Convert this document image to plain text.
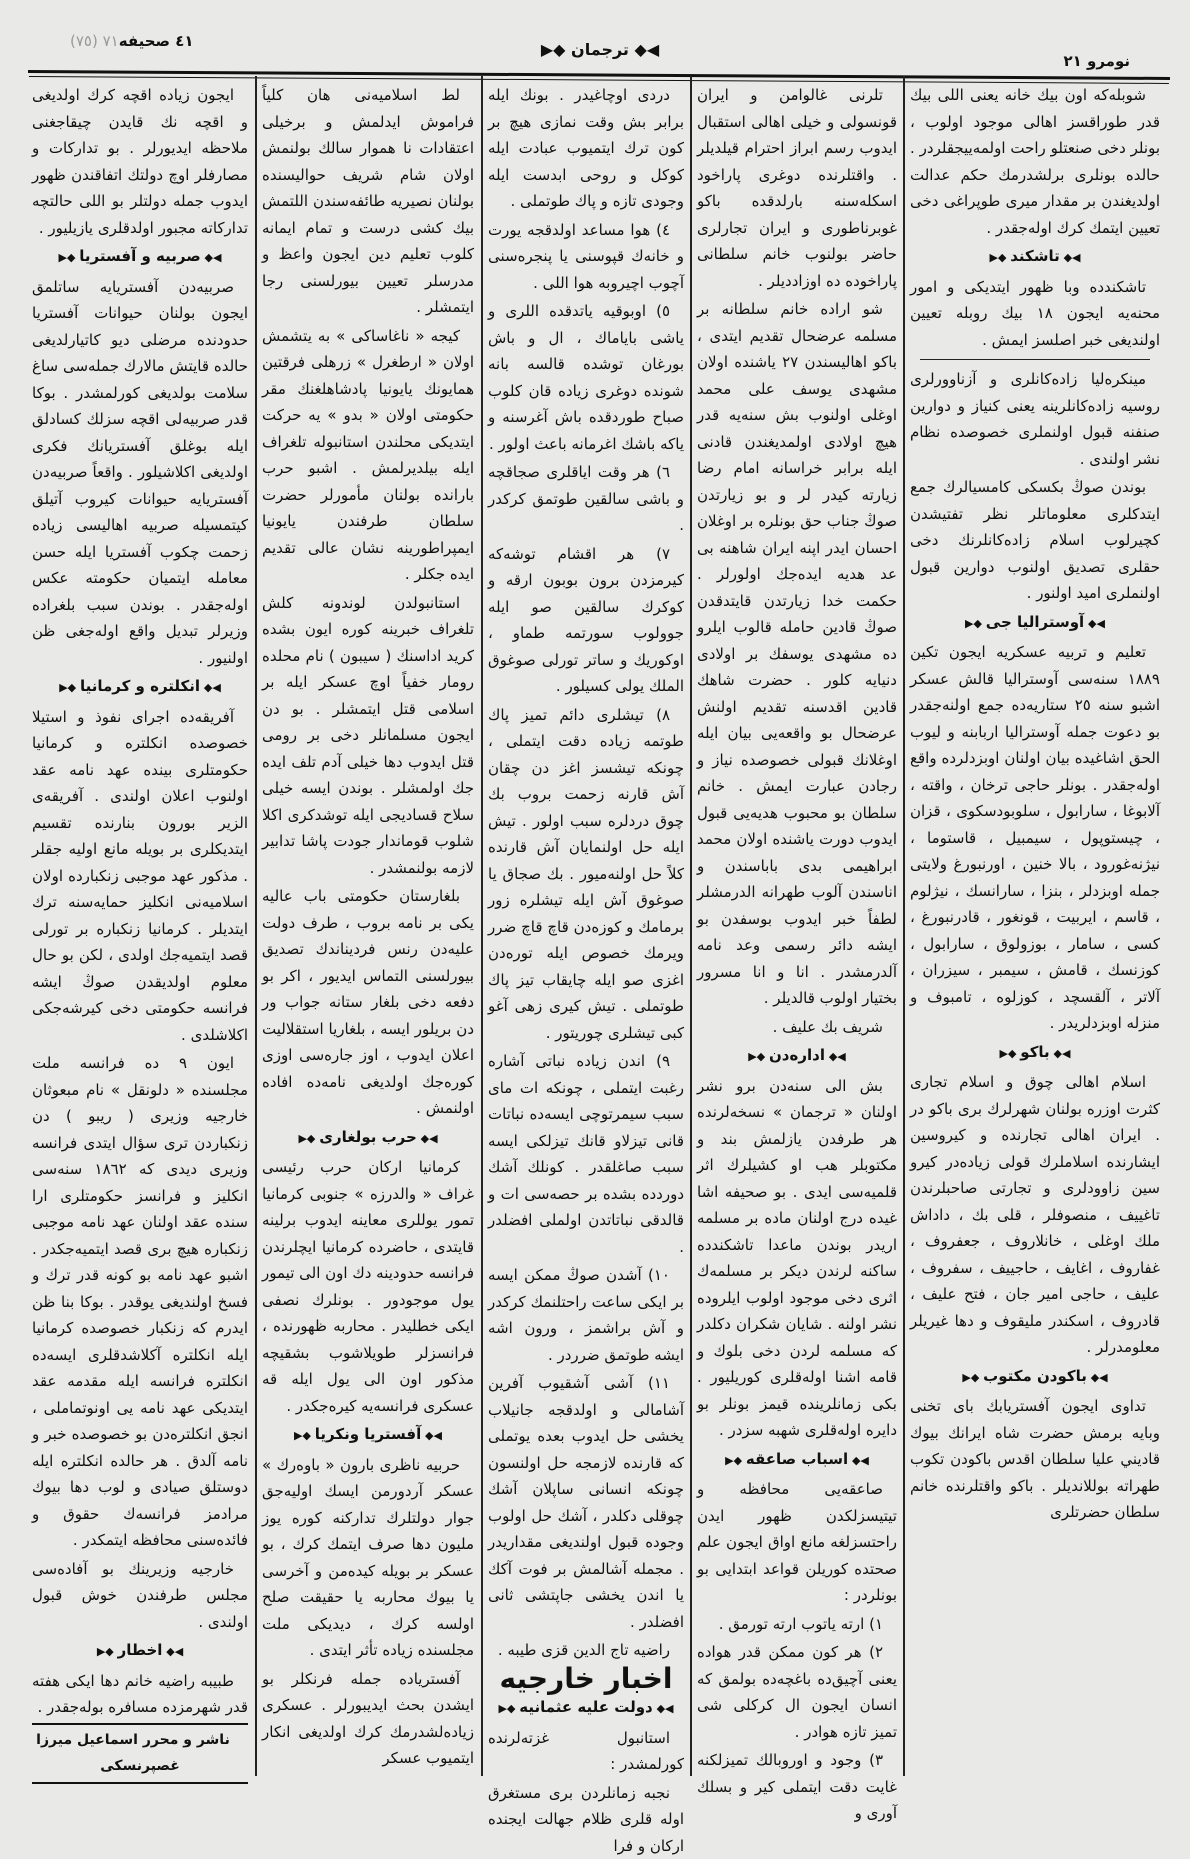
٤١ صحيفه٧١ (٧٥)	◀◆ ترجمان ◆▶
نومرو ٢١

شوبله‌كه اون بيك خانه يعنى اللى بيك قدر طوراقسز اهالى موجود اولوب ، بونلر دخى صنعتلو راحت اولمه‌ييجقلردر . حالده بونلرى برلشدرمك حكم عدالت اولديغندن بر مقدار ميرى طوپراغى دخى تعيين ايتمك كرك اولەجقدر .

◀◆ تاشكند ◆▶

تاشكندده وبا ظهور ايتديكى و امور محنه‌يه ايجون ١٨ بيك روبله تعيين اولنديغى خبر اصلسز ايمش .

مينكرەليا زادەكانلرى و آزناوورلرى روسيه زادەكانلرينه يعنى كنياز و دوارين صنفنه قبول اولنملرى خصوصده نظام نشر اولندى .

بوندن صوڭ بكسكى كامسيالرك جمع ايتدكلرى معلوماتلر نظر تفتيشدن كچيرلوب اسلام زادەكانلرنك دخى حقلرى تصديق اولنوب دوارين قبول اولنملرى اميد اولنور .

◀◆ آوستراليا جى ◆▶

تعليم و تربيه عسكريه ايجون تكين ١٨٨٩ سنه‌سى آوستراليا قالش عسكر اشبو سنه ٢٥ ستاريه‌ده جمع اولنه‌جقدر بو دعوت جمله آوستراليا اربابنه و ليوب الحق اشاغيده بيان اولنان اوبزدلرده واقع اولەجقدر . بونلر حاجى ترخان ، واقته ، آلابوغا ، سارابول ، سلوبودسكوى ، قزان ، چيستوپول ، سيمبيل ، قاستوما ، نيژنه‌غورود ، بالا خنين ، اورنبورغ ولايتى جمله اوبزدلر ، بنزا ، سارانسك ، نيژلوم ، قاسم ، ايربيت ، قونغور ، قادرنبورغ ، كسى ، سامار ، بوزولوق ، سارابول ، كوزنسك ، قامش ، سيمبر ، سيزران ، آلاتر ، آلقسچد ، كوزلوه ، تامبوف و منزله اوبزدلريدر .

◀◆ باكو ◆▶

اسلام اهالى چوق و اسلام تجارى كثرت اوزره بولنان شهرلرك برى باكو در . ايران اهالى تجارنده و كيروسين ايشارنده اسلاملرك قولى زياده‌در كيرو سين زاوودلرى و تجارتى صاحبلرندن تاغييف ، منصوفلر ، قلى بك ، داداش ملك اوغلى ، خانلاروف ، جعفروف ، غفاروف ، اغايف ، حاجييف ، سفروف ، عليف ، حاجى امير جان ، فتح عليف ، قادروف ، اسكندر مليقوف و دها غيريلر معلومدرلر .

◀◆ باكودن مكتوب ◆▶

تداوى ايجون آفستريابك باى تخنى وبايه برمش حضرت شاه ايرانك بيوك قاديني عليا سلطان اقدس باكودن تكوب طهراتە بوللانديلر . باكو واقتلرنده خانم سلطان حضرتلرى

تلرنى غالوامن و ايران قونسولى و خيلى اهالى استقبال ايدوب رسم ابراز احترام قيلديلر . واقتلرنده دوغرى پاراخود اسكله‌سنه بارلدقده باكو غوبرناطورى و ايران تجارلرى حاضر بولنوب خانم سلطانى پاراخوده ده اوزادديلر .

شو اراده خانم سلطانه بر مسلمه عرضحال تقديم ايتدى ، باكو اهاليسندن ٢٧ ياشنده اولان مشهدى يوسف على محمد اوغلى اولنوب بش سنه‌يه قدر هيچ اولادى اولمديغندن قادنى ايله برابر خراسانه امام رضا زيارته كيدر لر و بو زيارتدن صوڭ جناب حق بونلره بر اوغلان احسان ايدر اپنه ايران شاهنه بى عد هديه ايده‌جك اولورلر . حكمت خدا زيارتدن قايتدقدن صوڭ قادين حامله قالوب ايلرو ده مشهدى يوسفك بر اولادى دنيايه كلور . حضرت شاهك قادين اقدسنه تقديم اولنش عرضحال بو واقعه‌يى بيان ايله اوغلانك قبولى خصوصده نياز و رجادن عبارت ايمش . خانم سلطان بو محبوب هديه‌يى قبول ايدوب دورت ياشنده اولان محمد ابراهيمى بدى باباسندن و اناسندن آلوب طهرانه الدرمشلر لطفاً خبر ايدوب بوسفدن بو ايشه دائر رسمى وعد نامه آلدرمشدر . انا و انا مسرور بختيار اولوب قالديلر .

شريف بك عليف .

◀◆ ادارەدن ◆▶

بش الى سنه‌دن برو نشر اولنان « ترجمان » نسخه‌لرنده هر طرفدن يازلمش بند و مكتوبلر هب او كشيلرك اثر قلميه‌سى ايدى . بو صحيفه اشا غيده درج اولنان ماده بر مسلمه اريدر بوندن ماعدا تاشكندده ساكنه لرندن ديكر بر مسلمه‌ك اثرى دخى موجود اولوب ايلروده نشر اولنه . شايان شكران دكلدر كه مسلمه لردن دخى بلوك و قامه اشنا اولەقلرى كوريليور . بكى زمانلرينده قيمز بونلر بو دايره اولەقلرى شهبه سزدر .

◀◆ اسباب صاعقه ◆▶

صاعقەيى محافظه و تيتيسزلكدن ظهور ايدن راحتسزلغه مانع اواق ايجون علم صحتده كوريلن قواعد ابتدايى بو بونلردر :

١) ارته ياتوب ارته تورمق .

٢) هر كون ممكن قدر هواده يعنى آچيق‌ده باغچه‌ده بولمق كه انسان ايجون ال كركلى شى تميز تازه هوادر .

٣) وجود و اوروبالك تميزلكنه غايت دقت ايتملى كير و بسلك آورى و

دردى اوچاغيدر . بونك ايله برابر بش وقت نمازى هيچ بر كون ترك ايتميوب عبادت ايله كوكل و روحى ابدست ايله وجودى تازه و پاك طوتملى .

٤) هوا مساعد اولدقجه يورت و خانه‌ك قپوسنى يا پنجره‌سنى آچوب اچيروبه هوا اللى .

٥) اوبوقيه ياتدقده اللرى و ياشى باياماك ، ال و باش بورغان توشده قالسه بانه شونده دوغرى زياده قان كلوب صباح طوردقده باش آغرسنه و ياكه باشك اغرمانه باعث اولور .

٦) هر وقت اياقلرى صجاقچه و باشى سالقين طوتمق كركدر .

٧) هر اقشام توشه‌كه كيرمزدن برون بوبون ارقه و كوكرك سالقين صو ايله جوولوب سورتمه طماو ، اوكوريك و ساتر تورلى صوغوق الملك يولى كسيلور .

٨) تيشلرى دائم تميز پاك طوتمه زياده دقت ايتملى ، چونكه تيشسز اغز دن چقان آش قارنه زحمت بروب بك چوق دردلره سبب اولور . تيش ايله حل اولنمايان آش قارنده كلاً حل اولنه‌ميور . بك صجاق يا صوغوق آش ايله تيشلره زور برمامك و كوزەدن قاچ قاچ ضرر ويرمك خصوص ايله توره‌دن اغزى صو ايله چايقاب تيز پاك طوتملى . تيش كيرى زهى آغو كبى تيشلرى چوريتور .

٩) اندن زياده نباتى آشاره رغبت ايتملى ، چونكه ات ماى سبب سيمرتوچى ايسه‌ده نباتات قانى تيزلاو قانك تيزلكى ايسه سبب صاغلقدر . كونلك آشك دوردده بشده بر حصه‌سى ات و قالدقى نباتاتدن اولملى افضلدر .

١٠) آشدن صوڭ ممكن ايسه بر ايكى ساعت راحتلنمك كركدر و آش براشمز ، ورون اشه ايشه طوتمق ضرردر .

١١) آشى آشقيوب آفرين آشامالى و اولدقجه جانيلاب يخشى حل ايدوب بعده يوتملى كه قارنده لازمجه حل اولنسون چونكه انسانى ساپلان آشك چوقلى دكلدر ، آشك حل اولوب وجوده قبول اولنديغى مقداريدر . مجمله آشالمش بر فوت آكك يا اندن يخشى جاپتشى ثانى افضلدر .

راضيه تاج الدين قزى طيبه .

اخبار خارجيه

◀◆ دولت عليه عثمانيه ◆▶

استانبول غزته‌لرنده كورلمشدر :

نجبه زمانلردن برى مستغرق اوله قلرى ظلام جهالت ايجنده اركان و فرا

لط اسلاميه‌نى هان كلياً فراموش ايدلمش و برخيلى اعتقادات نا هموار سالك بولنمش اولان شام شريف حواليسنده بولنان نصيريه طائفه‌سندن اللتمش بيك كشى درست و تمام ايمانه كلوب تعليم دين ايجون واعظ و مدرسلر تعيين بيورلسنى رجا ايتمشلر .

كيجه « ناغاساكى » به يتشمش اولان « ارطغرل » زرهلى فرقتين همايونك يايونيا پادشاهلغنك مقر حكومتى اولان « بدو » يه حركت ايتديكى محلندن استانبوله تلغراف ايله بيلديرلمش . اشبو حرب باراندە بولنان مأمورلر حضرت سلطان طرفندن يايونيا ايمپراطورينه نشان عالى تقديم ايده جكلر .

استانبولدن لوندونه كلش تلغراف خبرينه كوره ايون بشده كريد اداسنك ( سيبون ) نام محلده رومار خفياً اوچ عسكر ايله بر اسلامى قتل ايتمشلر . بو دن ايجون مسلمانلر دخى بر رومى قتل ايدوب دها خيلى آدم تلف ايده جك اولمشلر . بوندن ايسه خيلى سلاح قساديجى ايله توشدكرى اكلا شلوب قوماندار جودت پاشا تدابير لازمه بولنمشدر .

بلغارستان حكومتى باب عاليه يكى بر نامه بروب ، طرف دولت عليه‌دن رنس فرديناندك تصديق بيورلسنى التماس ايديور ، اكر بو دفعه دخى بلغار ستانه جواب ور دن بريلور ايسه ، بلغاريا استقلاليت اعلان ايدوب ، اوز جارەسى اوزى كوره‌جك اولديغى نامه‌ده افاده اولنمش .

◀◆ حرب بولغارى ◆▶

كرمانيا اركان حرب رئيسى غراف « والدرزه » جنوبى كرمانيا تمور يوللرى معاينه ايدوب برلينه قايتدى ، حاضرده كرمانيا ايچلرندن فرانسه حدودينه دك اون الى تيمور يول موجودور . بونلرك نصفى ايكى خطليدر . محاربه ظهورنده ، فرانسزلر طويلاشوب بشقيچه مذكور اون الى يول ايله قه عسكرى فرانسه‌يه كيره‌جكدر .

◀◆ آفستريا ونكريا ◆▶

حربيه ناظرى بارون « باوەرك » عسكر آردورمن ايسك اوليەجق جوار دولتلرك تداركنه كوره يوز مليون دها صرف ايتمك كرك ، بو عسكر بر بويله كيدەمن و آخرسى يا بيوك محاربه يا حقيقت صلح اولسه كرك ، ديديكى ملت مجلسنده زياده تأثر ايتدى .

آفسترياده جمله فرنكلر بو ايشدن بحث ايديبورلر . عسكرى زياده‌لشدرمك كرك اولديغى انكار ايتميوب عسكر

ايجون زياده اقچه كرك اولديغى و اقچه نك قايدن چيقاجغنى ملاحظه ايديورلر . بو تداركات و مصارفلر اوچ دولتك اتفاقندن ظهور ايدوب جمله دولتلر بو اللى حالتچه تداركاته مجبور اولدقلرى يازيليور .

◀◆ صربيه و آفستريا ◆▶

صربيه‌دن آفستريايه ساتلمق ايجون بولنان حيوانات آفستريا حدودنده مرضلى ديو كاتيارلديغى حالده قايتش مالارك جمله‌سى ساغ سلامت بولديغى كورلمشدر . بوكا قدر صربيه‌لى اقچه سزلك كسادلق ايله بوغلق آفستريانك فكرى اولديغى اكلاشيلور . واقعاً صربيه‌دن آفستريايه حيوانات كيروب آتيلق كيتمسيله صربيه اهاليسى زياده زحمت چكوب آفستريا ايله حسن معامله ايتميان حكومته عكس اوله‌جقدر . بوندن سبب بلغراده وزيرلر تبديل واقع اوله‌جغى ظن اولنيور .

◀◆ انكلتره و كرمانيا ◆▶

آفريقه‌ده اجراى نفوذ و استيلا خصوصده انكلتره و كرمانيا حكومتلرى بينده عهد نامه عقد اولنوب اعلان اولندى . آفريقه‌ى الزير بورون بنارنده تقسيم ايتديكلرى بر بويله مانع اوليه جقلر . مذكور عهد موجبى زنكبارده اولان اسلاميه‌نى انكليز حمايه‌سنه ترك ايتديلر . كرمانيا زنكباره بر تورلى قصد ايتميه‌جك اولدى ، لكن بو حال معلوم اولديقدن صوڭ ايشه فرانسه حكومتى دخى كيرشه‌جكى اكلاشلدى .

ايون ٩ ده فرانسه ملت مجلسنده « دلونقل » نام مبعوثان خارجيه وزيرى ( ريبو ) دن زنكباردن ترى سؤال ايتدى فرانسه وزيرى ديدى كه ١٨٦٢ سنه‌سى انكليز و فرانسز حكومتلرى ارا سنده عقد اولنان عهد نامه موجبى زنكباره هيچ برى قصد ايتميه‌جكدر . اشبو عهد نامه بو كونه قدر ترك و فسخ اولنديغى يوقدر . بوكا بنا ظن ايدرم كه زنكبار خصوصده كرمانيا ايله انكلتره آكلاشدقلرى ايسه‌ده انكلتره فرانسه ايله مقدمه عقد ايتديكى عهد نامه يى اونوتماملى ، انجق انكلتره‌دن بو خصوصده خبر و نامه آلدق . هر حالده انكلتره ايله دوستلق صيادى و لوب دها بيوك مرادمز فرانسه‌ك حقوق و فائده‌سنى محافظه ايتمكدر .

خارجيه وزيرينك بو آفادەسى مجلس طرفندن خوش قبول اولندى .

◀◆ اخطار ◆▶

طبيبه راضيه خانم دها ايكى هفته قدر شهرمزده مسافره بوله‌جقدر .

ناشر و محرر اسماعيل ميرزا غصپرنسكى
